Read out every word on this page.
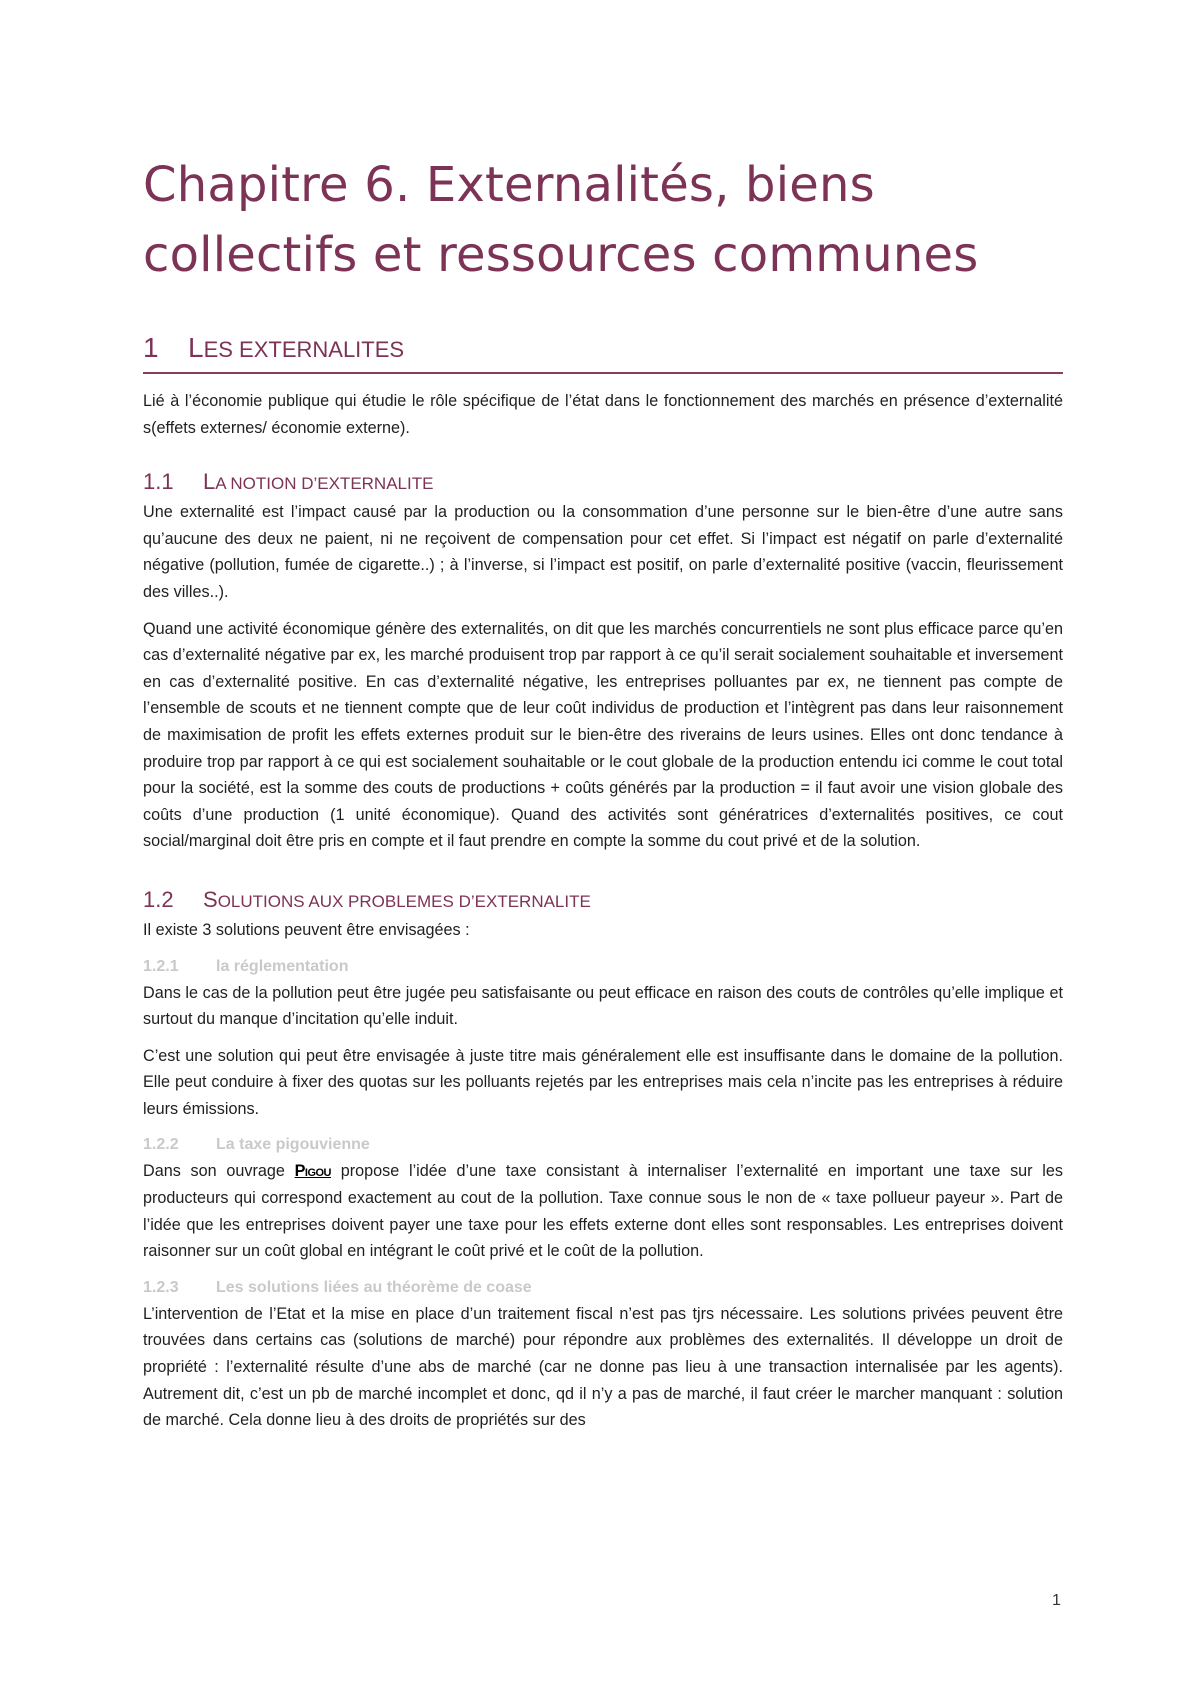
Chapitre 6. Externalités, biens collectifs et ressources communes
1	LES EXTERNALITES

Lié à l’économie publique qui étudie le rôle spécifique de l’état dans le fonctionnement des marchés en présence d’externalité s(effets externes/ économie externe).

1.1	LA NOTION D’EXTERNALITE

Une externalité est l’impact causé par la production ou la consommation d’une personne sur le bien-être d’une autre sans qu’aucune des deux ne paient, ni ne reçoivent de compensation pour cet effet. Si l’impact est négatif on parle d’externalité négative (pollution, fumée de cigarette..) ; à l’inverse, si l’impact est positif, on parle d’externalité positive (vaccin, fleurissement des villes..).

Quand une activité économique génère des externalités, on dit que les marchés concurrentiels ne sont plus efficace parce qu’en cas d’externalité négative par ex, les marché produisent trop par rapport à ce qu’il serait socialement souhaitable et inversement en cas d’externalité positive. En cas d’externalité négative, les entreprises polluantes par ex, ne tiennent pas compte de l’ensemble de scouts et ne tiennent compte que de leur coût individus de production et l’intègrent pas dans leur raisonnement de maximisation de profit les effets externes produit sur le bien-être des riverains de leurs usines. Elles ont donc tendance à produire trop par rapport à ce qui est socialement souhaitable or le cout globale de la production entendu ici comme le cout total pour la société, est la somme des couts de productions + coûts générés par la production = il faut avoir une vision globale des coûts d’une production (1 unité économique). Quand des activités sont génératrices d’externalités positives, ce cout social/marginal doit être pris en compte et il faut prendre en compte la somme du cout privé et de la solution.

1.2	SOLUTIONS AUX PROBLEMES D’EXTERNALITE

Il existe 3 solutions peuvent être envisagées :

1.2.1	la réglementation

Dans le cas de la pollution peut être jugée peu satisfaisante ou peut efficace en raison des couts de contrôles qu’elle implique et surtout du manque d’incitation qu’elle induit.

C’est une solution qui peut être envisagée à juste titre mais généralement elle est insuffisante dans le domaine de la pollution. Elle peut conduire à fixer des quotas sur les polluants rejetés par les entreprises mais cela n’incite pas les entreprises à réduire leurs émissions.

1.2.2	La taxe pigouvienne

Dans son ouvrage Pigou propose l’idée d’une taxe consistant à internaliser l’externalité en important une taxe sur les producteurs qui correspond exactement au cout de la pollution. Taxe connue sous le non de « taxe pollueur payeur ». Part de l’idée que les entreprises doivent payer une taxe pour les effets externe dont elles sont responsables. Les entreprises doivent raisonner sur un coût global en intégrant le coût privé et le coût de la pollution.

1.2.3	Les solutions liées au théorème de coase

L’intervention de l’Etat et la mise en place d’un traitement fiscal n’est pas tjrs nécessaire. Les solutions privées peuvent être trouvées dans certains cas (solutions de marché) pour répondre aux problèmes des externalités. Il développe un droit de propriété : l’externalité résulte d’une abs de marché (car ne donne pas lieu à une transaction internalisée par les agents). Autrement dit, c’est un pb de marché incomplet et donc, qd il n’y a pas de marché, il faut créer le marcher manquant : solution de marché. Cela donne lieu à des droits de propriétés sur des

1
